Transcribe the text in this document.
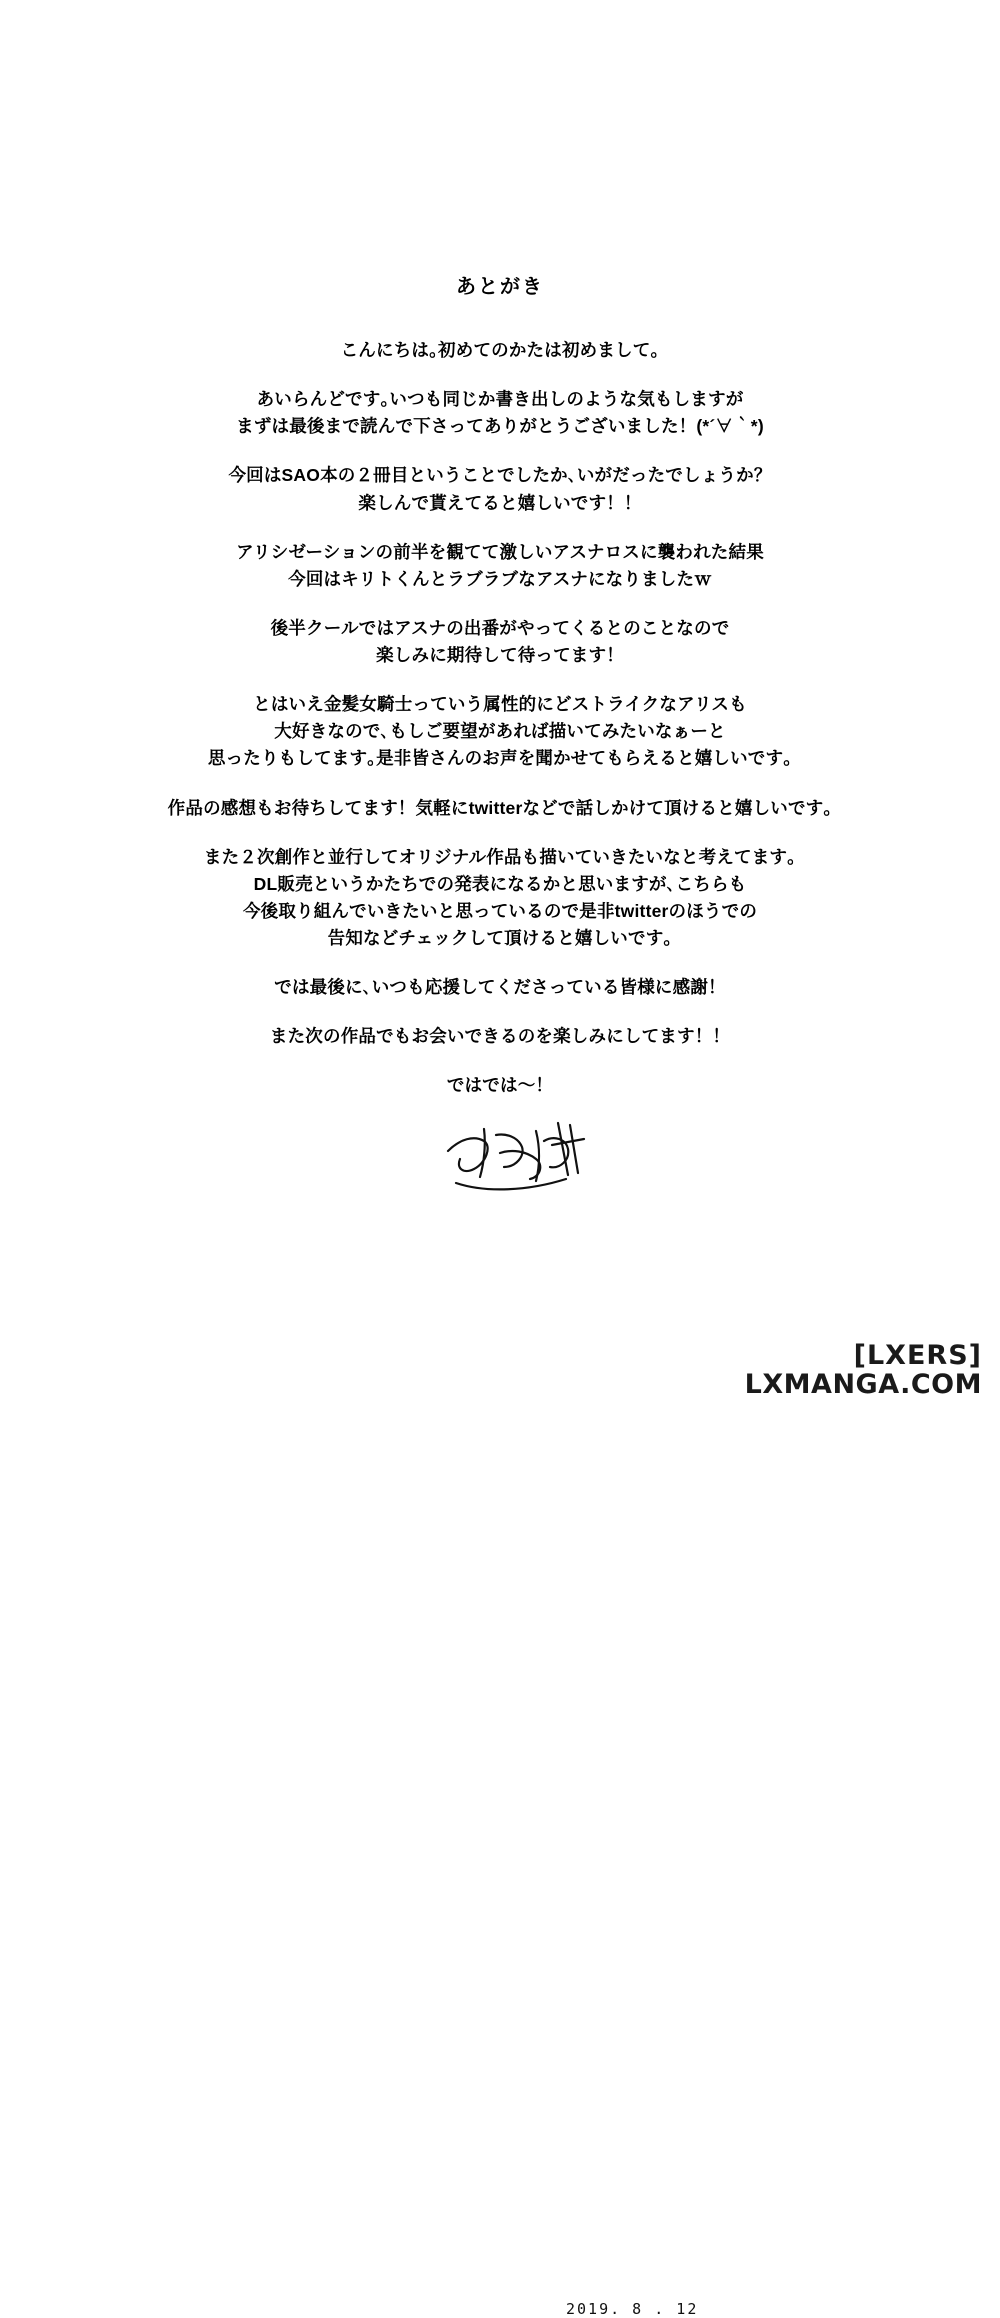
あとがき
こんにちは｡初めてのかたは初めまして｡
あいらんどです｡いつも同じか書き出しのような気もしますが
まずは最後まで読んで下さってありがとうございました！(*´∀｀*)
今回はSAO本の２冊目ということでしたか､いがだったでしょうか？
楽しんで貰えてると嬉しいです！！
アリシゼーションの前半を観てて激しいアスナロスに襲われた結果
今回はキリトくんとラブラブなアスナになりましたｗ
後半クールではアスナの出番がやってくるとのことなので
楽しみに期待して待ってます！
とはいえ金髪女騎士っていう属性的にどストライクなアリスも
大好きなので､もしご要望があれば描いてみたいなぁーと
思ったりもしてます｡是非皆さんのお声を聞かせてもらえると嬉しいです｡
作品の感想もお待ちしてます！気軽にtwitterなどで話しかけて頂けると嬉しいです｡
また２次創作と並行してオリジナル作品も描いていきたいなと考えてます｡
DL販売というかたちでの発表になるかと思いますが､こちらも
今後取り組んでいきたいと思っているので是非twitterのほうでの
告知などチェックして頂けると嬉しいです｡
では最後に､いつも応援してくださっている皆様に感謝！
また次の作品でもお会いできるのを楽しみにしてます！！
ではでは〜！
2019. 8 . 12
[LXERS]
LXMANGA.COM
